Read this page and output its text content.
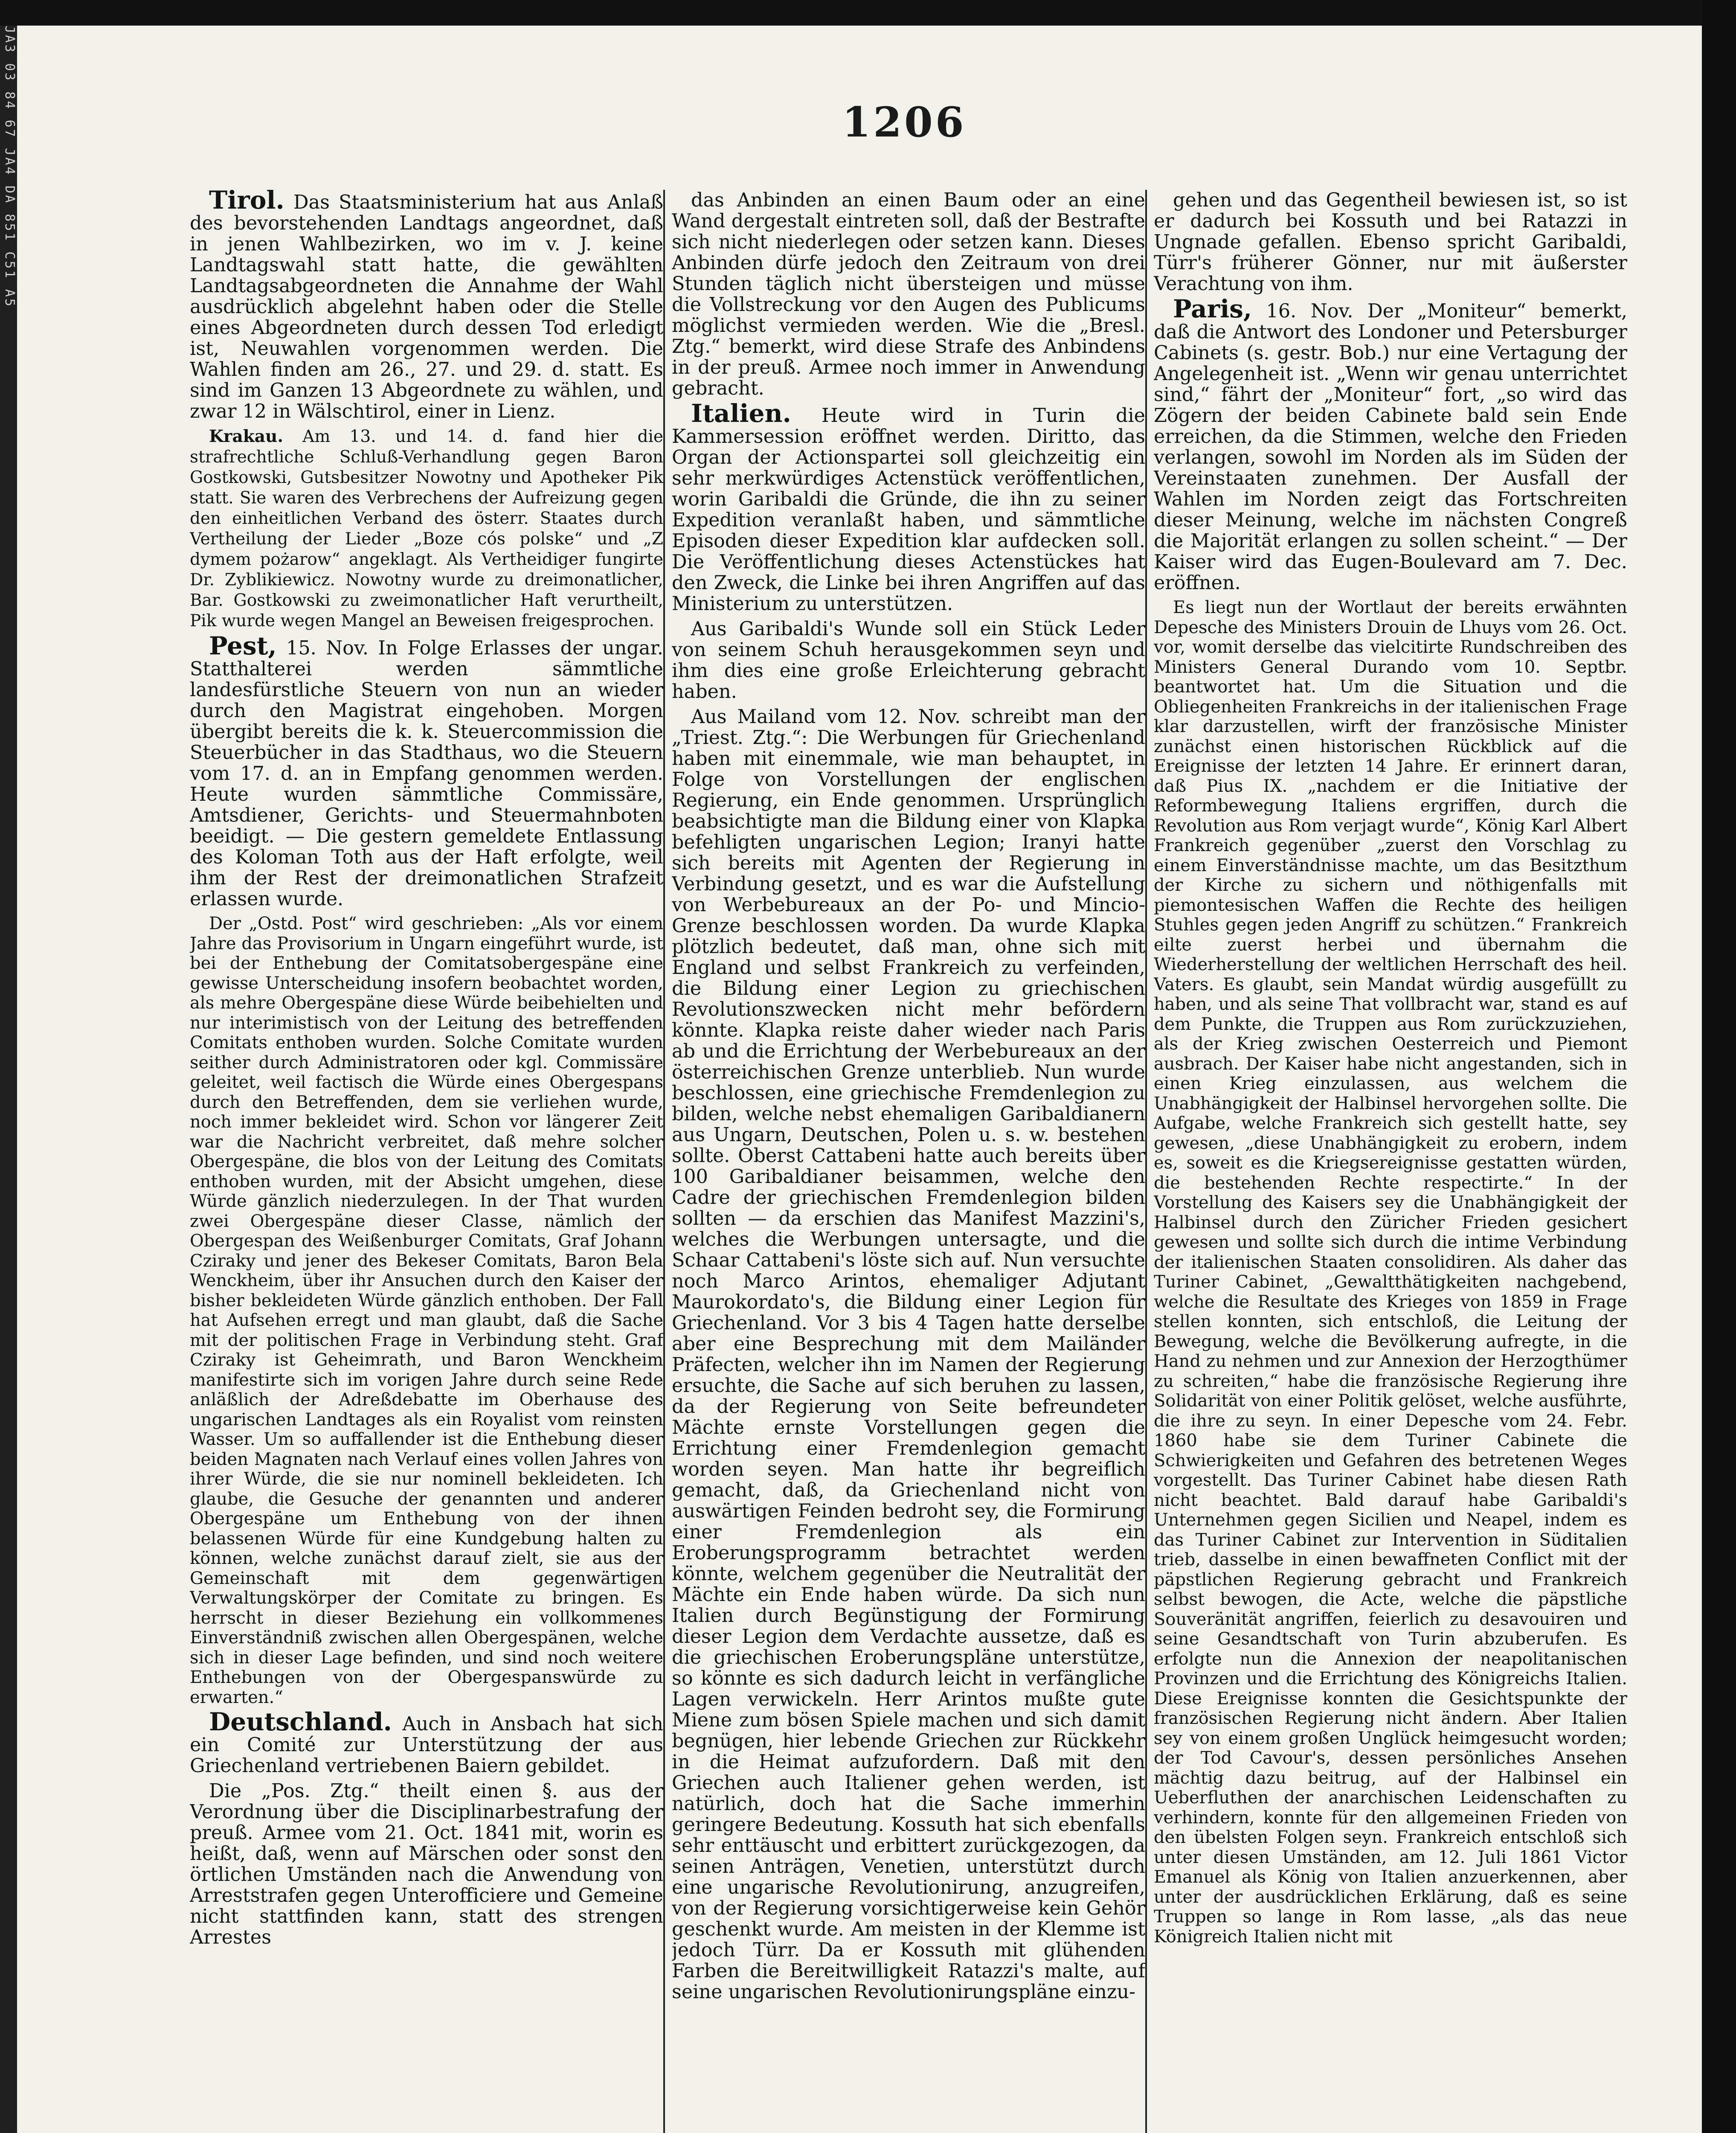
JA3 03 84 67 JA4 DA 851 C51 A5	1206

Tirol. Das Staatsministerium hat aus Anlaß des bevorstehenden Landtags angeordnet, daß in jenen Wahlbezirken, wo im v. J. keine Landtagswahl statt hatte, die gewählten Landtagsabgeordneten die Annahme der Wahl ausdrücklich abgelehnt haben oder die Stelle eines Abgeordneten durch dessen Tod erledigt ist, Neuwahlen vorgenommen werden. Die Wahlen finden am 26., 27. und 29. d. statt. Es sind im Ganzen 13 Abgeordnete zu wählen, und zwar 12 in Wälschtirol, einer in Lienz.

Krakau. Am 13. und 14. d. fand hier die strafrechtliche Schluß-Verhandlung gegen Baron Gostkowski, Gutsbesitzer Nowotny und Apotheker Pik statt. Sie waren des Verbrechens der Aufreizung gegen den einheitlichen Verband des österr. Staates durch Vertheilung der Lieder „Boze cós polske“ und „Z dymem pożarow“ angeklagt. Als Vertheidiger fungirte Dr. Zyblikiewicz. Nowotny wurde zu dreimonatlicher, Bar. Gostkowski zu zweimonatlicher Haft verurtheilt, Pik wurde wegen Mangel an Beweisen freigesprochen.

Pest, 15. Nov. In Folge Erlasses der ungar. Statthalterei werden sämmtliche landesfürstliche Steuern von nun an wieder durch den Magistrat eingehoben. Morgen übergibt bereits die k. k. Steuercommission die Steuerbücher in das Stadthaus, wo die Steuern vom 17. d. an in Empfang genommen werden. Heute wurden sämmtliche Commissäre, Amtsdiener, Gerichts- und Steuermahnboten beeidigt. — Die gestern gemeldete Entlassung des Koloman Toth aus der Haft erfolgte, weil ihm der Rest der dreimonatlichen Strafzeit erlassen wurde.

Der „Ostd. Post“ wird geschrieben: „Als vor einem Jahre das Provisorium in Ungarn eingeführt wurde, ist bei der Enthebung der Comitatsobergespäne eine gewisse Unterscheidung insofern beobachtet worden, als mehre Obergespäne diese Würde beibehielten und nur interimistisch von der Leitung des betreffenden Comitats enthoben wurden. Solche Comitate wurden seither durch Administratoren oder kgl. Commissäre geleitet, weil factisch die Würde eines Obergespans durch den Betreffenden, dem sie verliehen wurde, noch immer bekleidet wird. Schon vor längerer Zeit war die Nachricht verbreitet, daß mehre solcher Obergespäne, die blos von der Leitung des Comitats enthoben wurden, mit der Absicht umgehen, diese Würde gänzlich niederzulegen. In der That wurden zwei Obergespäne dieser Classe, nämlich der Obergespan des Weißenburger Comitats, Graf Johann Cziraky und jener des Bekeser Comitats, Baron Bela Wenckheim, über ihr Ansuchen durch den Kaiser der bisher bekleideten Würde gänzlich enthoben. Der Fall hat Aufsehen erregt und man glaubt, daß die Sache mit der politischen Frage in Verbindung steht. Graf Cziraky ist Geheimrath, und Baron Wenckheim manifestirte sich im vorigen Jahre durch seine Rede anläßlich der Adreßdebatte im Oberhause des ungarischen Landtages als ein Royalist vom reinsten Wasser. Um so auffallender ist die Enthebung dieser beiden Magnaten nach Verlauf eines vollen Jahres von ihrer Würde, die sie nur nominell bekleideten. Ich glaube, die Gesuche der genannten und anderer Obergespäne um Enthebung von der ihnen belassenen Würde für eine Kundgebung halten zu können, welche zunächst darauf zielt, sie aus der Gemeinschaft mit dem gegenwärtigen Verwaltungskörper der Comitate zu bringen. Es herrscht in dieser Beziehung ein vollkommenes Einverständniß zwischen allen Obergespänen, welche sich in dieser Lage befinden, und sind noch weitere Enthebungen von der Obergespanswürde zu erwarten.“

Deutschland. Auch in Ansbach hat sich ein Comité zur Unterstützung der aus Griechenland vertriebenen Baiern gebildet.

Die „Pos. Ztg.“ theilt einen §. aus der Verordnung über die Disciplinarbestrafung der preuß. Armee vom 21. Oct. 1841 mit, worin es heißt, daß, wenn auf Märschen oder sonst den örtlichen Umständen nach die Anwendung von Arreststrafen gegen Unterofficiere und Gemeine nicht stattfinden kann, statt des strengen Arrestes

das Anbinden an einen Baum oder an eine Wand dergestalt eintreten soll, daß der Bestrafte sich nicht niederlegen oder setzen kann. Dieses Anbinden dürfe jedoch den Zeitraum von drei Stunden täglich nicht übersteigen und müsse die Vollstreckung vor den Augen des Publicums möglichst vermieden werden. Wie die „Bresl. Ztg.“ bemerkt, wird diese Strafe des Anbindens in der preuß. Armee noch immer in Anwendung gebracht.

Italien. Heute wird in Turin die Kammersession eröffnet werden. Diritto, das Organ der Actionspartei soll gleichzeitig ein sehr merkwürdiges Actenstück veröffentlichen, worin Garibaldi die Gründe, die ihn zu seiner Expedition veranlaßt haben, und sämmtliche Episoden dieser Expedition klar aufdecken soll. Die Veröffentlichung dieses Actenstückes hat den Zweck, die Linke bei ihren Angriffen auf das Ministerium zu unterstützen.

Aus Garibaldi's Wunde soll ein Stück Leder von seinem Schuh herausgekommen seyn und ihm dies eine große Erleichterung gebracht haben.

Aus Mailand vom 12. Nov. schreibt man der „Triest. Ztg.“: Die Werbungen für Griechenland haben mit einemmale, wie man behauptet, in Folge von Vorstellungen der englischen Regierung, ein Ende genommen. Ursprünglich beabsichtigte man die Bildung einer von Klapka befehligten ungarischen Legion; Iranyi hatte sich bereits mit Agenten der Regierung in Verbindung gesetzt, und es war die Aufstellung von Werbebureaux an der Po- und Mincio-Grenze beschlossen worden. Da wurde Klapka plötzlich bedeutet, daß man, ohne sich mit England und selbst Frankreich zu verfeinden, die Bildung einer Legion zu griechischen Revolutionszwecken nicht mehr befördern könnte. Klapka reiste daher wieder nach Paris ab und die Errichtung der Werbebureaux an der österreichischen Grenze unterblieb. Nun wurde beschlossen, eine griechische Fremdenlegion zu bilden, welche nebst ehemaligen Garibaldianern aus Ungarn, Deutschen, Polen u. s. w. bestehen sollte. Oberst Cattabeni hatte auch bereits über 100 Garibaldianer beisammen, welche den Cadre der griechischen Fremdenlegion bilden sollten — da erschien das Manifest Mazzini's, welches die Werbungen untersagte, und die Schaar Cattabeni's löste sich auf. Nun versuchte noch Marco Arintos, ehemaliger Adjutant Maurokordato's, die Bildung einer Legion für Griechenland. Vor 3 bis 4 Tagen hatte derselbe aber eine Besprechung mit dem Mailänder Präfecten, welcher ihn im Namen der Regierung ersuchte, die Sache auf sich beruhen zu lassen, da der Regierung von Seite befreundeter Mächte ernste Vorstellungen gegen die Errichtung einer Fremdenlegion gemacht worden seyen. Man hatte ihr begreiflich gemacht, daß, da Griechenland nicht von auswärtigen Feinden bedroht sey, die Formirung einer Fremdenlegion als ein Eroberungsprogramm betrachtet werden könnte, welchem gegenüber die Neutralität der Mächte ein Ende haben würde. Da sich nun Italien durch Begünstigung der Formirung dieser Legion dem Verdachte aussetze, daß es die griechischen Eroberungspläne unterstütze, so könnte es sich dadurch leicht in verfängliche Lagen verwickeln. Herr Arintos mußte gute Miene zum bösen Spiele machen und sich damit begnügen, hier lebende Griechen zur Rückkehr in die Heimat aufzufordern. Daß mit den Griechen auch Italiener gehen werden, ist natürlich, doch hat die Sache immerhin geringere Bedeutung. Kossuth hat sich ebenfalls sehr enttäuscht und erbittert zurückgezogen, da seinen Anträgen, Venetien, unterstützt durch eine ungarische Revolutionirung, anzugreifen, von der Regierung vorsichtigerweise kein Gehör geschenkt wurde. Am meisten in der Klemme ist jedoch Türr. Da er Kossuth mit glühenden Farben die Bereitwilligkeit Ratazzi's malte, auf seine ungarischen Revolutionirungspläne einzu-

gehen und das Gegentheil bewiesen ist, so ist er dadurch bei Kossuth und bei Ratazzi in Ungnade gefallen. Ebenso spricht Garibaldi, Türr's früherer Gönner, nur mit äußerster Verachtung von ihm.

Paris, 16. Nov. Der „Moniteur“ bemerkt, daß die Antwort des Londoner und Petersburger Cabinets (s. gestr. Bob.) nur eine Vertagung der Angelegenheit ist. „Wenn wir genau unterrichtet sind,“ fährt der „Moniteur“ fort, „so wird das Zögern der beiden Cabinete bald sein Ende erreichen, da die Stimmen, welche den Frieden verlangen, sowohl im Norden als im Süden der Vereinstaaten zunehmen. Der Ausfall der Wahlen im Norden zeigt das Fortschreiten dieser Meinung, welche im nächsten Congreß die Majorität erlangen zu sollen scheint.“ — Der Kaiser wird das Eugen-Boulevard am 7. Dec. eröffnen.

Es liegt nun der Wortlaut der bereits erwähnten Depesche des Ministers Drouin de Lhuys vom 26. Oct. vor, womit derselbe das vielcitirte Rundschreiben des Ministers General Durando vom 10. Septbr. beantwortet hat. Um die Situation und die Obliegenheiten Frankreichs in der italienischen Frage klar darzustellen, wirft der französische Minister zunächst einen historischen Rückblick auf die Ereignisse der letzten 14 Jahre. Er erinnert daran, daß Pius IX. „nachdem er die Initiative der Reformbewegung Italiens ergriffen, durch die Revolution aus Rom verjagt wurde“, König Karl Albert Frankreich gegenüber „zuerst den Vorschlag zu einem Einverständnisse machte, um das Besitzthum der Kirche zu sichern und nöthigenfalls mit piemontesischen Waffen die Rechte des heiligen Stuhles gegen jeden Angriff zu schützen.“ Frankreich eilte zuerst herbei und übernahm die Wiederherstellung der weltlichen Herrschaft des heil. Vaters. Es glaubt, sein Mandat würdig ausgefüllt zu haben, und als seine That vollbracht war, stand es auf dem Punkte, die Truppen aus Rom zurückzuziehen, als der Krieg zwischen Oesterreich und Piemont ausbrach. Der Kaiser habe nicht angestanden, sich in einen Krieg einzulassen, aus welchem die Unabhängigkeit der Halbinsel hervorgehen sollte. Die Aufgabe, welche Frankreich sich gestellt hatte, sey gewesen, „diese Unabhängigkeit zu erobern, indem es, soweit es die Kriegsereignisse gestatten würden, die bestehenden Rechte respectirte.“ In der Vorstellung des Kaisers sey die Unabhängigkeit der Halbinsel durch den Züricher Frieden gesichert gewesen und sollte sich durch die intime Verbindung der italienischen Staaten consolidiren. Als daher das Turiner Cabinet, „Gewaltthätigkeiten nachgebend, welche die Resultate des Krieges von 1859 in Frage stellen konnten, sich entschloß, die Leitung der Bewegung, welche die Bevölkerung aufregte, in die Hand zu nehmen und zur Annexion der Herzogthümer zu schreiten,“ habe die französische Regierung ihre Solidarität von einer Politik gelöset, welche ausführte, die ihre zu seyn. In einer Depesche vom 24. Febr. 1860 habe sie dem Turiner Cabinete die Schwierigkeiten und Gefahren des betretenen Weges vorgestellt. Das Turiner Cabinet habe diesen Rath nicht beachtet. Bald darauf habe Garibaldi's Unternehmen gegen Sicilien und Neapel, indem es das Turiner Cabinet zur Intervention in Süditalien trieb, dasselbe in einen bewaffneten Conflict mit der päpstlichen Regierung gebracht und Frankreich selbst bewogen, die Acte, welche die päpstliche Souveränität angriffen, feierlich zu desavouiren und seine Gesandtschaft von Turin abzuberufen. Es erfolgte nun die Annexion der neapolitanischen Provinzen und die Errichtung des Königreichs Italien. Diese Ereignisse konnten die Gesichtspunkte der französischen Regierung nicht ändern. Aber Italien sey von einem großen Unglück heimgesucht worden; der Tod Cavour's, dessen persönliches Ansehen mächtig dazu beitrug, auf der Halbinsel ein Ueberfluthen der anarchischen Leidenschaften zu verhindern, konnte für den allgemeinen Frieden von den übelsten Folgen seyn. Frankreich entschloß sich unter diesen Umständen, am 12. Juli 1861 Victor Emanuel als König von Italien anzuerkennen, aber unter der ausdrücklichen Erklärung, daß es seine Truppen so lange in Rom lasse, „als das neue Königreich Italien nicht mit
